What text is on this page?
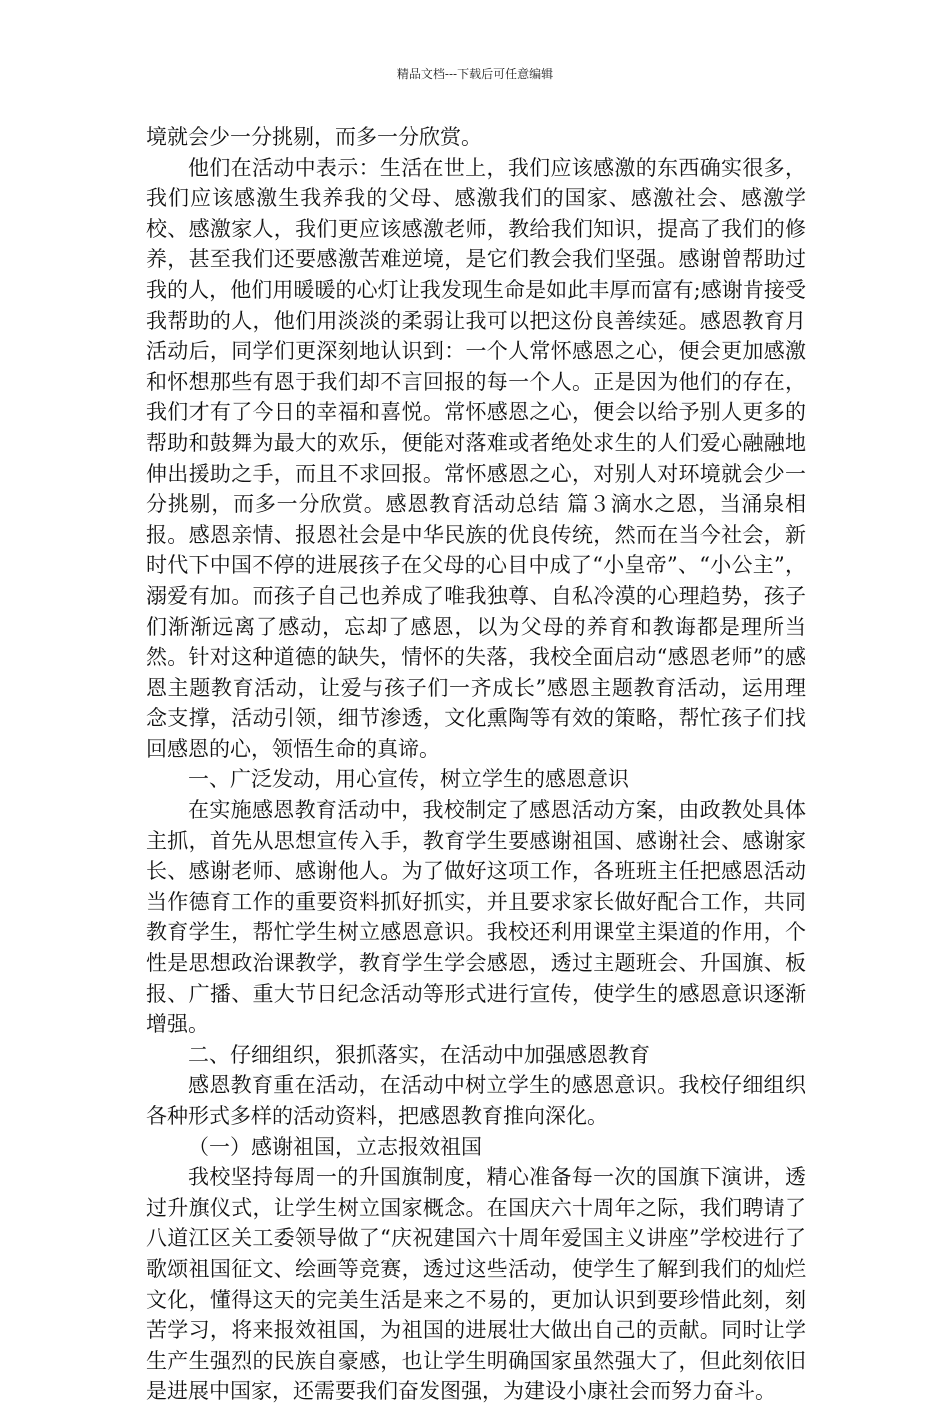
精品文档---下载后可任意编辑

境就会少一分挑剔，而多一分欣赏。

他们在活动中表示：生活在世上，我们应该感激的东西确实很多，我们应该感激生我养我的父母、感激我们的国家、感激社会、感激学校、感激家人，我们更应该感激老师，教给我们知识，提高了我们的修养，甚至我们还要感激苦难逆境，是它们教会我们坚强。感谢曾帮助过我的人，他们用暖暖的心灯让我发现生命是如此丰厚而富有;感谢肯接受我帮助的人，他们用淡淡的柔弱让我可以把这份良善续延。感恩教育月活动后，同学们更深刻地认识到：一个人常怀感恩之心，便会更加感激和怀想那些有恩于我们却不言回报的每一个人。正是因为他们的存在，我们才有了今日的幸福和喜悦。常怀感恩之心，便会以给予别人更多的帮助和鼓舞为最大的欢乐，便能对落难或者绝处求生的人们爱心融融地伸出援助之手，而且不求回报。常怀感恩之心，对别人对环境就会少一分挑剔，而多一分欣赏。感恩教育活动总结 篇３滴水之恩，当涌泉相报。感恩亲情、报恩社会是中华民族的优良传统，然而在当今社会，新时代下中国不停的进展孩子在父母的心目中成了“小皇帝”、“小公主”，溺爱有加。而孩子自己也养成了唯我独尊、自私冷漠的心理趋势，孩子们渐渐远离了感动，忘却了感恩，以为父母的养育和教诲都是理所当然。针对这种道德的缺失，情怀的失落，我校全面启动“感恩老师”的感恩主题教育活动，让爱与孩子们一齐成长”感恩主题教育活动，运用理念支撑，活动引领，细节渗透，文化熏陶等有效的策略，帮忙孩子们找回感恩的心，领悟生命的真谛。

一、广泛发动，用心宣传，树立学生的感恩意识

在实施感恩教育活动中，我校制定了感恩活动方案，由政教处具体主抓，首先从思想宣传入手，教育学生要感谢祖国、感谢社会、感谢家长、感谢老师、感谢他人。为了做好这项工作，各班班主任把感恩活动当作德育工作的重要资料抓好抓实，并且要求家长做好配合工作，共同教育学生，帮忙学生树立感恩意识。我校还利用课堂主渠道的作用，个性是思想政治课教学，教育学生学会感恩，透过主题班会、升国旗、板报、广播、重大节日纪念活动等形式进行宣传，使学生的感恩意识逐渐增强。

二、仔细组织，狠抓落实，在活动中加强感恩教育

感恩教育重在活动，在活动中树立学生的感恩意识。我校仔细组织各种形式多样的活动资料，把感恩教育推向深化。

（一）感谢祖国，立志报效祖国

我校坚持每周一的升国旗制度，精心准备每一次的国旗下演讲，透过升旗仪式，让学生树立国家概念。在国庆六十周年之际，我们聘请了八道江区关工委领导做了“庆祝建国六十周年爱国主义讲座”学校进行了歌颂祖国征文、绘画等竞赛，透过这些活动，使学生了解到我们的灿烂文化，懂得这天的完美生活是来之不易的，更加认识到要珍惜此刻，刻苦学习，将来报效祖国，为祖国的进展壮大做出自己的贡献。同时让学生产生强烈的民族自豪感，也让学生明确国家虽然强大了，但此刻依旧是进展中国家，还需要我们奋发图强，为建设小康社会而努力奋斗。
